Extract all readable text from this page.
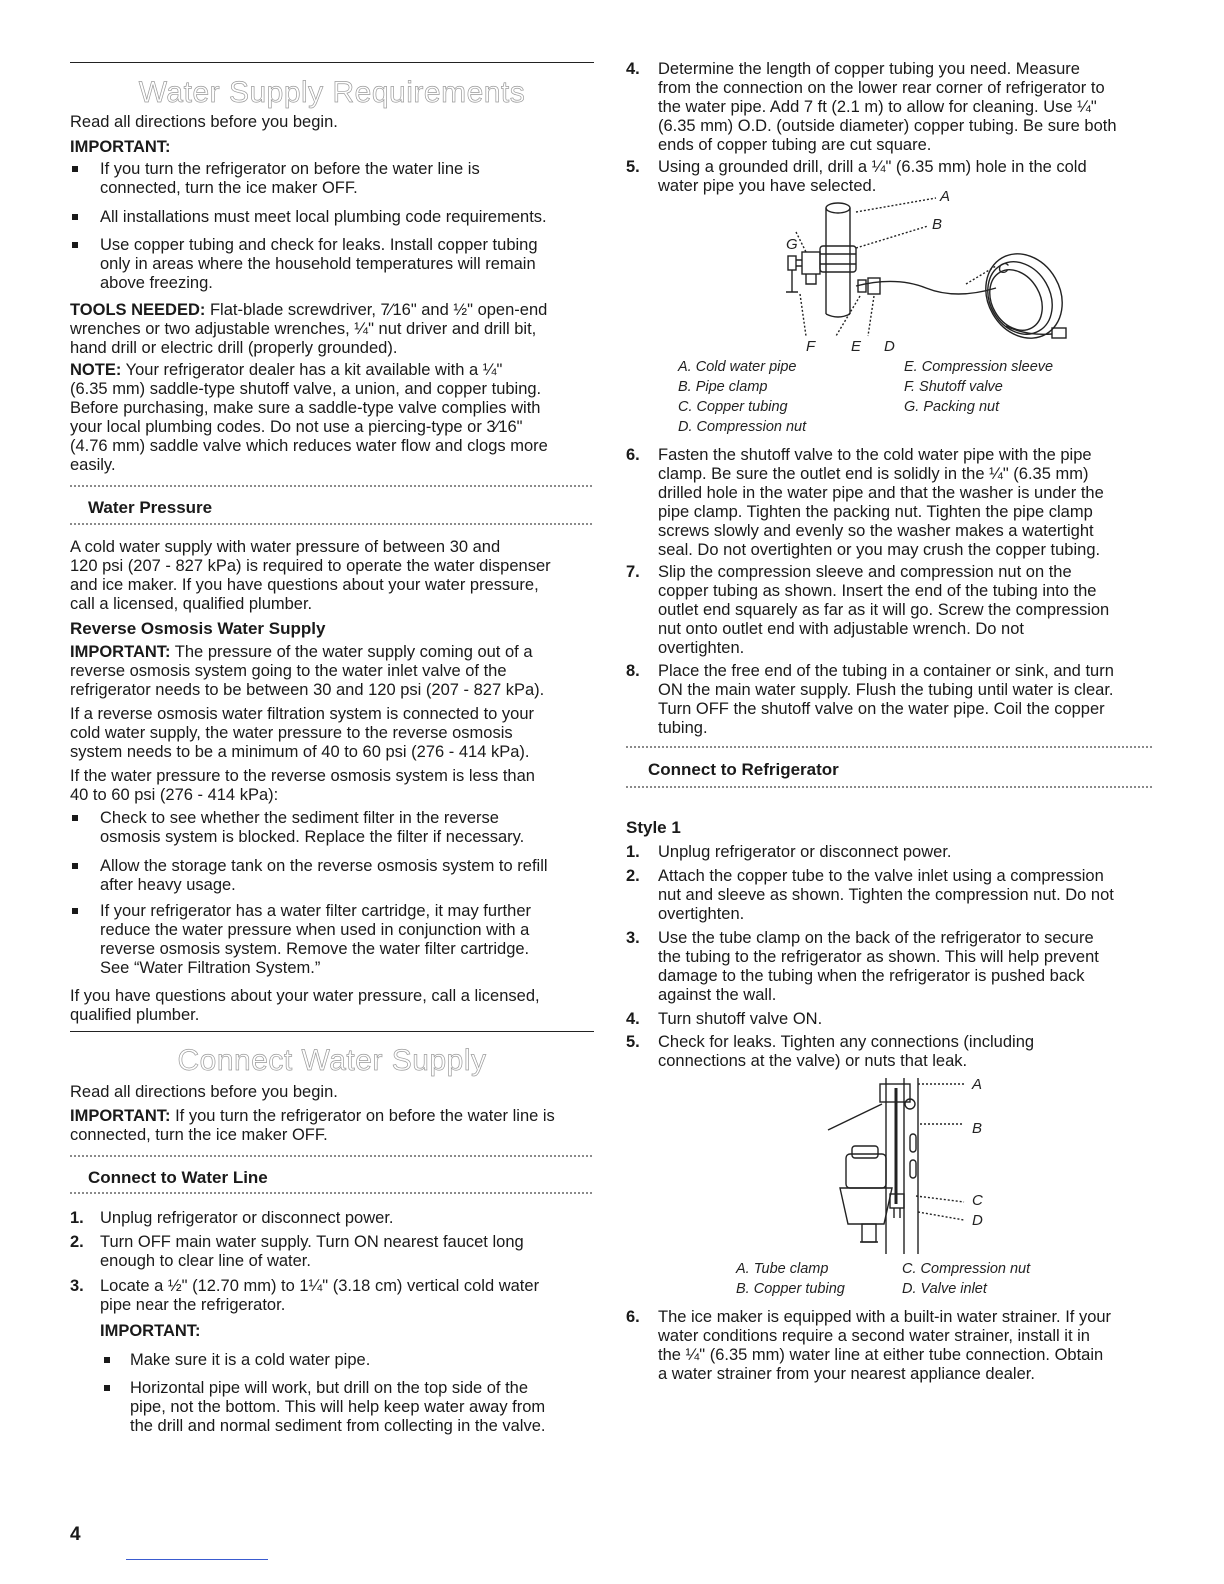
Water Supply Requirements

Read all directions before you begin.

IMPORTANT:

If you turn the refrigerator on before the water line is

connected, turn the ice maker OFF.

All installations must meet local plumbing code requirements.

Use copper tubing and check for leaks. Install copper tubing

only in areas where the household temperatures will remain

above freezing.

TOOLS NEEDED: Flat-blade screwdriver, 7⁄16" and ½" open-end

wrenches or two adjustable wrenches, ¼" nut driver and drill bit,

hand drill or electric drill (properly grounded).

NOTE: Your refrigerator dealer has a kit available with a ¼"

(6.35 mm) saddle-type shutoff valve, a union, and copper tubing.

Before purchasing, make sure a saddle-type valve complies with

your local plumbing codes. Do not use a piercing-type or 3⁄16"

(4.76 mm) saddle valve which reduces water flow and clogs more

easily.

Water Pressure

A cold water supply with water pressure of between 30 and

120 psi (207 - 827 kPa) is required to operate the water dispenser

and ice maker. If you have questions about your water pressure,

call a licensed, qualified plumber.

Reverse Osmosis Water Supply

IMPORTANT: The pressure of the water supply coming out of a

reverse osmosis system going to the water inlet valve of the

refrigerator needs to be between 30 and 120 psi (207 - 827 kPa).

If a reverse osmosis water filtration system is connected to your

cold water supply, the water pressure to the reverse osmosis

system needs to be a minimum of 40 to 60 psi (276 - 414 kPa).

If the water pressure to the reverse osmosis system is less than

40 to 60 psi (276 - 414 kPa):

Check to see whether the sediment filter in the reverse

osmosis system is blocked. Replace the filter if necessary.

Allow the storage tank on the reverse osmosis system to refill

after heavy usage.

If your refrigerator has a water filter cartridge, it may further

reduce the water pressure when used in conjunction with a

reverse osmosis system. Remove the water filter cartridge.

See “Water Filtration System.”

If you have questions about your water pressure, call a licensed,

qualified plumber.

Connect Water Supply

Read all directions before you begin.

IMPORTANT: If you turn the refrigerator on before the water line is

connected, turn the ice maker OFF.

Connect to Water Line

1. Unplug refrigerator or disconnect power.

2. Turn OFF main water supply. Turn ON nearest faucet long

enough to clear line of water.

3. Locate a ½" (12.70 mm) to 1¼" (3.18 cm) vertical cold water

pipe near the refrigerator.

IMPORTANT:

Make sure it is a cold water pipe.

Horizontal pipe will work, but drill on the top side of the

pipe, not the bottom. This will help keep water away from

the drill and normal sediment from collecting in the valve.

4. Determine the length of copper tubing you need. Measure

from the connection on the lower rear corner of refrigerator to

the water pipe. Add 7 ft (2.1 m) to allow for cleaning. Use ¼"

(6.35 mm) O.D. (outside diameter) copper tubing. Be sure both

ends of copper tubing are cut square.

5. Using a grounded drill, drill a ¼" (6.35 mm) hole in the cold

water pipe you have selected.

A
B
C
D
E
F
G
A. Cold water pipe
B. Pipe clamp
C. Copper tubing
D. Compression nut
E. Compression sleeve
F. Shutoff valve
G. Packing nut
6. Fasten the shutoff valve to the cold water pipe with the pipe

clamp. Be sure the outlet end is solidly in the ¼" (6.35 mm)

drilled hole in the water pipe and that the washer is under the

pipe clamp. Tighten the packing nut. Tighten the pipe clamp

screws slowly and evenly so the washer makes a watertight

seal. Do not overtighten or you may crush the copper tubing.

7. Slip the compression sleeve and compression nut on the

copper tubing as shown. Insert the end of the tubing into the

outlet end squarely as far as it will go. Screw the compression

nut onto outlet end with adjustable wrench. Do not

overtighten.

8. Place the free end of the tubing in a container or sink, and turn

ON the main water supply. Flush the tubing until water is clear.

Turn OFF the shutoff valve on the water pipe. Coil the copper

tubing.

Connect to Refrigerator

Style 1

1. Unplug refrigerator or disconnect power.

2. Attach the copper tube to the valve inlet using a compression

nut and sleeve as shown. Tighten the compression nut. Do not

overtighten.

3. Use the tube clamp on the back of the refrigerator to secure

the tubing to the refrigerator as shown. This will help prevent

damage to the tubing when the refrigerator is pushed back

against the wall.

4. Turn shutoff valve ON.

5. Check for leaks. Tighten any connections (including

connections at the valve) or nuts that leak.

A
B
C
D
A. Tube clamp
B. Copper tubing
C. Compression nut
D. Valve inlet
6. The ice maker is equipped with a built-in water strainer. If your

water conditions require a second water strainer, install it in

the ¼" (6.35 mm) water line at either tube connection. Obtain

a water strainer from your nearest appliance dealer.

4
